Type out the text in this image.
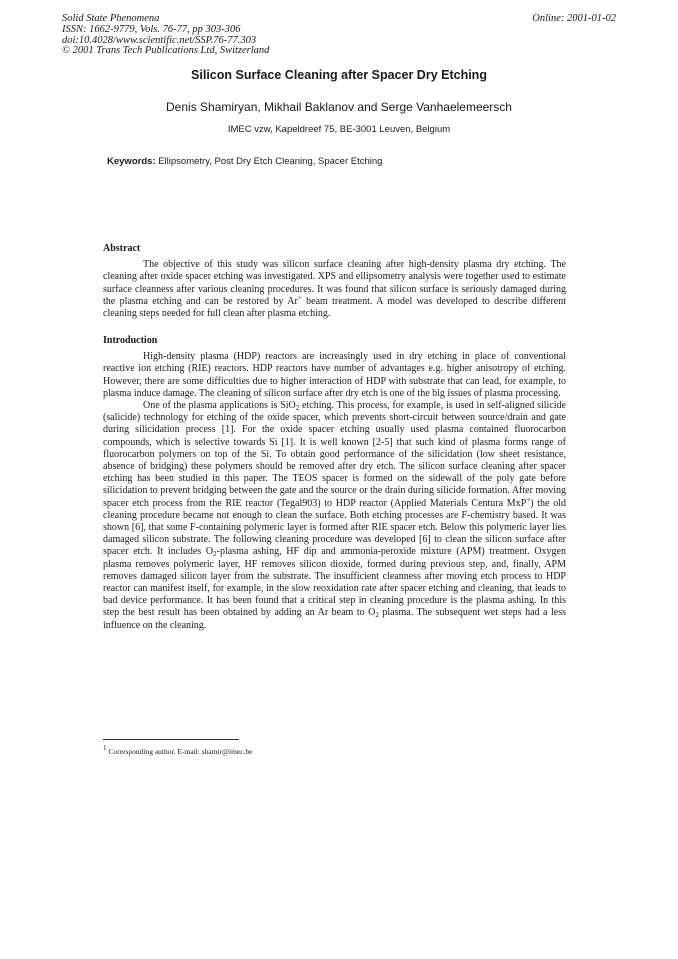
Solid State Phenomena
ISSN: 1662-9779, Vols. 76-77, pp 303-306
doi:10.4028/www.scientific.net/SSP.76-77.303
© 2001 Trans Tech Publications Ltd, Switzerland
Online: 2001-01-02
Silicon Surface Cleaning after Spacer Dry Etching
Denis Shamiryan, Mikhail Baklanov and Serge Vanhaelemeersch
IMEC vzw, Kapeldreef 75, BE-3001 Leuven, Belgium
Keywords: Ellipsometry, Post Dry Etch Cleaning, Spacer Etching
Abstract

The objective of this study was silicon surface cleaning after high-density plasma dry etching. The cleaning after oxide spacer etching was investigated. XPS and ellipsometry analysis were together used to estimate surface cleanness after various cleaning procedures. It was found that silicon surface is seriously damaged during the plasma etching and can be restored by Ar+ beam treatment. A model was developed to describe different cleaning steps needed for full clean after plasma etching.

Introduction

High-density plasma (HDP) reactors are increasingly used in dry etching in place of conventional reactive ion etching (RIE) reactors. HDP reactors have number of advantages e.g. higher anisotropy of etching. However, there are some difficulties due to higher interaction of HDP with substrate that can lead, for example, to plasma induce damage. The cleaning of silicon surface after dry etch is one of the big issues of plasma processing.

One of the plasma applications is SiO$_2$ etching. This process, for example, is used in self-aligned silicide (salicide) technology for etching of the oxide spacer, which prevents short-circuit between source/drain and gate during silicidation process [1]. For the oxide spacer etching usually used plasma contained fluorocarbon compounds, which is selective towards Si [1]. It is well known [2-5] that such kind of plasma forms range of fluorocarbon polymers on top of the Si. To obtain good performance of the silicidation (low sheet resistance, absence of bridging) these polymers should be removed after dry etch. The silicon surface cleaning after spacer etching has been studied in this paper. The TEOS spacer is formed on the sidewall of the poly gate before silicidation to prevent bridging between the gate and the source or the drain during silicide formation. After moving spacer etch process from the RIE reactor (Tegal903) to HDP reactor (Applied Materials Centura MxP+) the old cleaning procedure became not enough to clean the surface. Both etching processes are F-chemistry based. It was shown [6], that some F-containing polymeric layer is formed after RIE spacer etch. Below this polymeric layer lies damaged silicon substrate. The following cleaning procedure was developed [6] to clean the silicon surface after spacer etch. It includes $O_2$-plasma ashing, HF dip and ammonia-peroxide mixture (APM) treatment. Oxygen plasma removes polymeric layer, HF removes silicon dioxide, formed during previous step, and, finally, APM removes damaged silicon layer from the substrate. The insufficient cleanness after moving etch process to HDP reactor can manifest itself, for example, in the slow reoxidation rate after spacer etching and cleaning, that leads to bad device performance. It has been found that a critical step in cleaning procedure is the plasma ashing. In this step the best result has been obtained by adding an Ar beam to $O_2$ plasma. The subsequent wet steps had a less influence on the cleaning.

$^1$ Corresponding author. E-mail: shamir@imec.be
